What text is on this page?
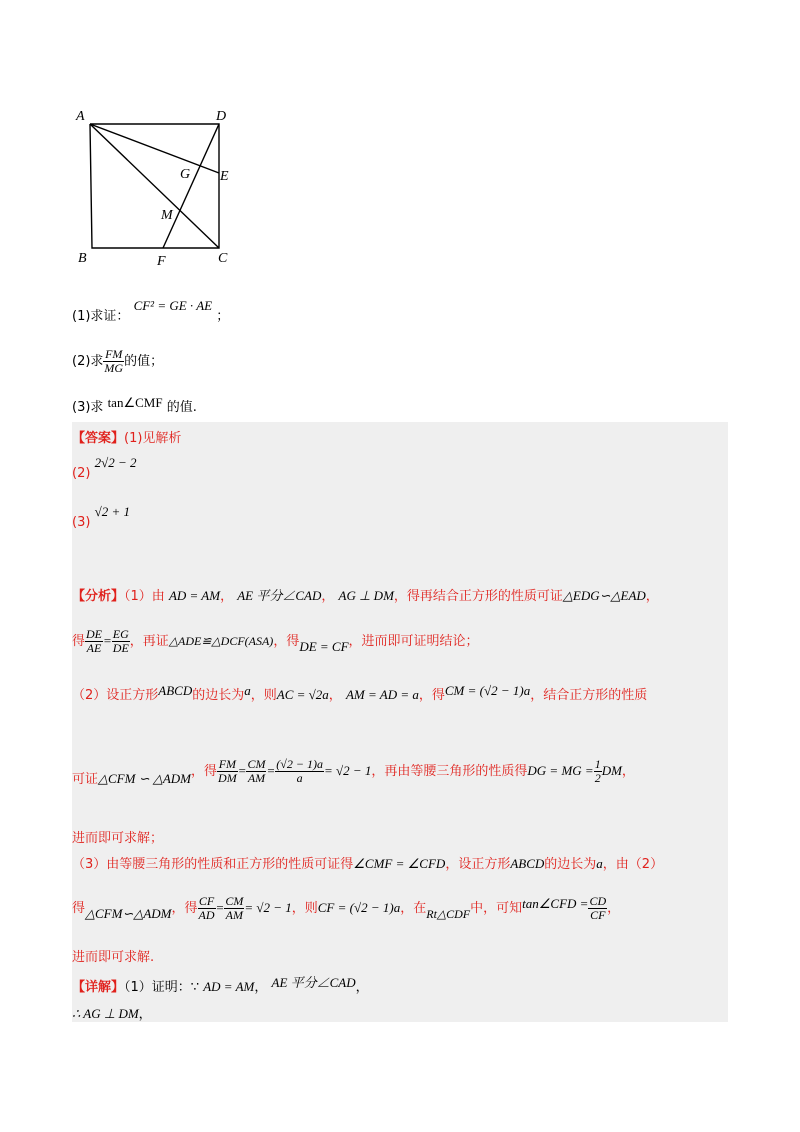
A	D
G E
M
B	F	C
(1)求证： CF² = GE · AE ；
(2)求 $\frac{FM}{MG}$ 的值；
(3)求 tan∠CMF 的值.
【答案】(1)见解析
(2) 2√2 − 2
(3) √2 + 1
【分析】（1）由 AD = AM， AE 平分∠CAD， AG ⊥ DM，得再结合正方形的性质可证△EDG∽△EAD，
得 $\frac{DE}{AE} = \frac{EG}{DE}$ ，再证△ADE≌△DCF(ASA)，得DE = CF，进而即可证明结论；
（2）设正方形ABCD的边长为a，则AC = √2a， AM = AD = a，得CM = (√2 − 1)a，结合正方形的性质
可证△CFM ∽ △ADM，得 $\frac{FM}{DM} = \frac{CM}{AM} = \frac{(√2 - 1)a}{a} = √2 - 1$，再由等腰三角形的性质得DG = MG = $\frac{1}{2}$ DM，
进而即可求解；
（3）由等腰三角形的性质和正方形的性质可证得∠CMF = ∠CFD，设正方形ABCD的边长为a，由（2）
得△CFM∽△ADM，得 $\frac{CF}{AD} = \frac{CM}{AM} = √2 - 1$，则CF = (√2 − 1)a，在Rt△CDF中，可知tan∠CFD = $\frac{CD}{CF}$ ，
进而即可求解.
【详解】（1）证明：∵ AD = AM， AE 平分∠CAD，
∴ AG ⊥ DM，
